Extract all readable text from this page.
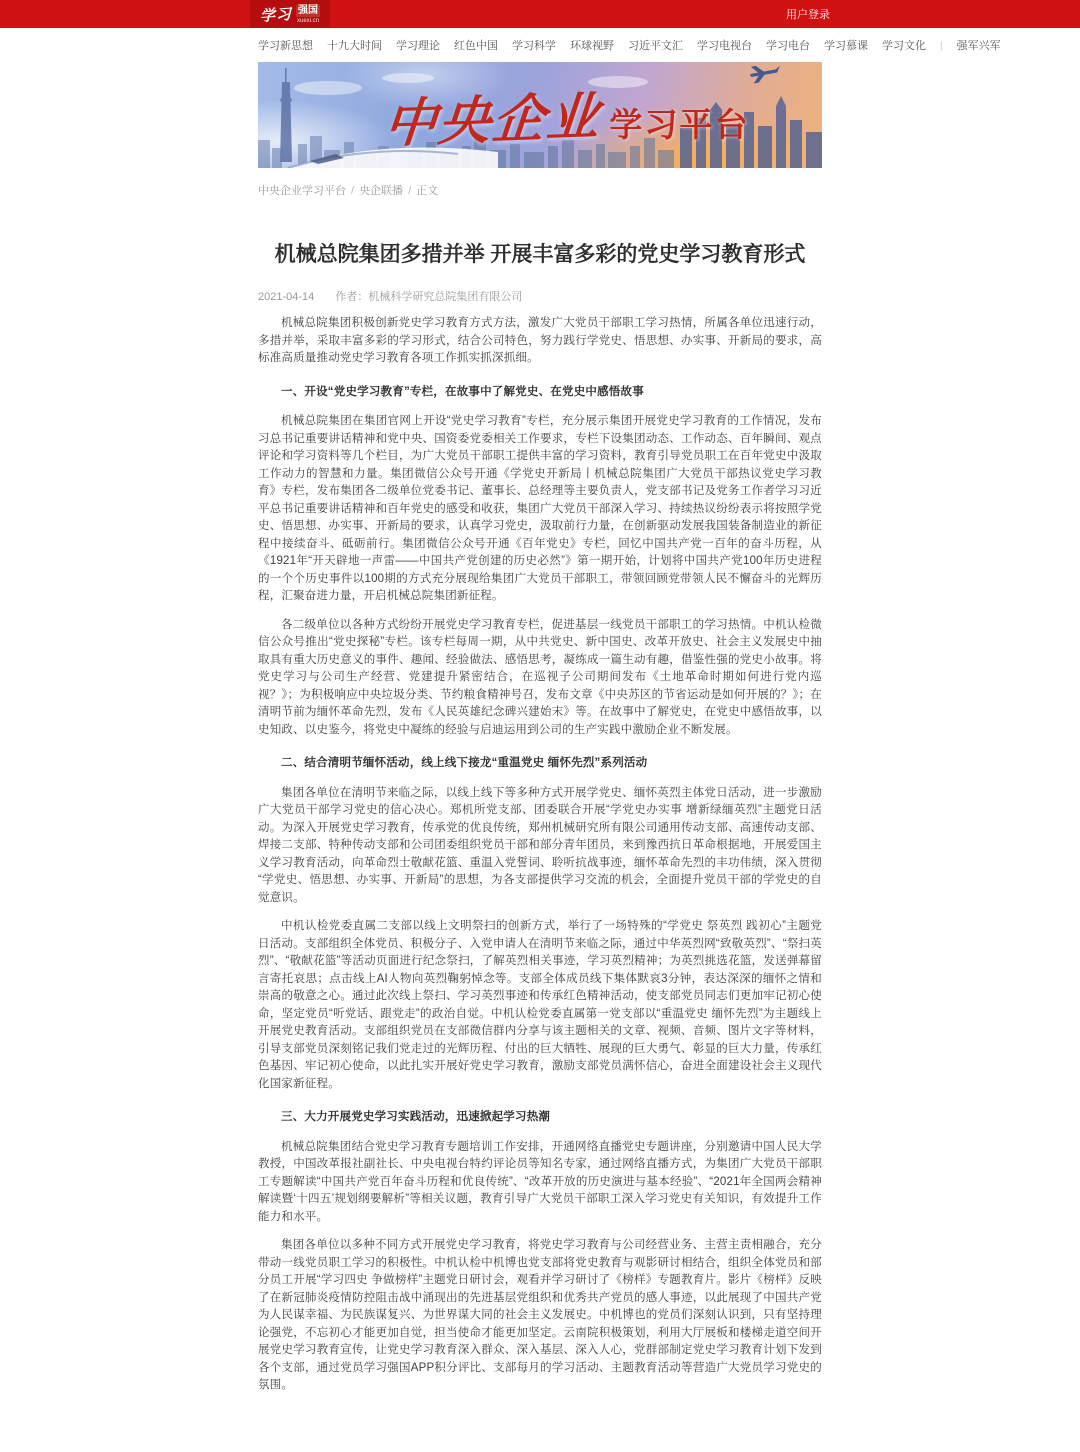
学习 强国
xuexi.cn	用户登录
学习新思想 十九大时间 学习理论 红色中国 学习科学 环球视野 习近平文汇 学习电视台 学习电台 学习慕课 学习文化 | 强军兴军
中央企业 学习平台
中央企业学习平台 / 央企联播 / 正文
机械总院集团多措并举 开展丰富多彩的党史学习教育形式
2021-04-14 作者：机械科学研究总院集团有限公司

机械总院集团积极创新党史学习教育方式方法，激发广大党员干部职工学习热情，所属各单位迅速行动，多措并举，采取丰富多彩的学习形式，结合公司特色，努力践行学党史、悟思想、办实事、开新局的要求，高标准高质量推动党史学习教育各项工作抓实抓深抓细。

一、开设“党史学习教育”专栏，在故事中了解党史、在党史中感悟故事

机械总院集团在集团官网上开设“党史学习教育”专栏，充分展示集团开展党史学习教育的工作情况，发布习总书记重要讲话精神和党中央、国资委党委相关工作要求，专栏下设集团动态、工作动态、百年瞬间、观点评论和学习资料等几个栏目，为广大党员干部职工提供丰富的学习资料，教育引导党员职工在百年党史中汲取工作动力的智慧和力量。集团微信公众号开通《学党史开新局丨机械总院集团广大党员干部热议党史学习教育》专栏，发布集团各二级单位党委书记、董事长、总经理等主要负责人，党支部书记及党务工作者学习习近平总书记重要讲话精神和百年党史的感受和收获，集团广大党员干部深入学习、持续热议纷纷表示将按照学党史、悟思想、办实事、开新局的要求，认真学习党史，汲取前行力量，在创新驱动发展我国装备制造业的新征程中接续奋斗、砥砺前行。集团微信公众号开通《百年党史》专栏，回忆中国共产党一百年的奋斗历程，从《1921年“开天辟地一声雷——中国共产党创建的历史必然”》第一期开始，计划将中国共产党100年历史进程的一个个历史事件以100期的方式充分展现给集团广大党员干部职工，带领回顾党带领人民不懈奋斗的光辉历程，汇聚奋进力量，开启机械总院集团新征程。

各二级单位以各种方式纷纷开展党史学习教育专栏，促进基层一线党员干部职工的学习热情。中机认检微信公众号推出“党史探秘”专栏。该专栏每周一期，从中共党史、新中国史、改革开放史、社会主义发展史中抽取具有重大历史意义的事件、趣闻、经验做法、感悟思考，凝练成一篇生动有趣，借鉴性强的党史小故事。将党史学习与公司生产经营、党建提升紧密结合，在巡视子公司期间发布《土地革命时期如何进行党内巡视？》；为积极响应中央垃圾分类、节约粮食精神号召，发布文章《中央苏区的节省运动是如何开展的？》；在清明节前为缅怀革命先烈，发布《人民英雄纪念碑兴建始末》等。在故事中了解党史，在党史中感悟故事，以史知政、以史鉴今，将党史中凝练的经验与启迪运用到公司的生产实践中激励企业不断发展。

二、结合清明节缅怀活动，线上线下接龙“重温党史 缅怀先烈”系列活动

集团各单位在清明节来临之际，以线上线下等多种方式开展学党史、缅怀英烈主体党日活动，进一步激励广大党员干部学习党史的信心决心。郑机所党支部、团委联合开展“学党史办实事 增新绿缅英烈”主题党日活动。为深入开展党史学习教育，传承党的优良传统，郑州机械研究所有限公司通用传动支部、高速传动支部、焊接二支部、特种传动支部和公司团委组织党员干部和部分青年团员，来到豫西抗日革命根据地，开展爱国主义学习教育活动，向革命烈士敬献花篮、重温入党誓词、聆听抗战事迹，缅怀革命先烈的丰功伟绩，深入贯彻“学党史、悟思想、办实事、开新局”的思想，为各支部提供学习交流的机会，全面提升党员干部的学党史的自觉意识。

中机认检党委直属二支部以线上文明祭扫的创新方式，举行了一场特殊的“学党史 祭英烈 践初心”主题党日活动。支部组织全体党员、积极分子、入党申请人在清明节来临之际，通过中华英烈网“致敬英烈”、“祭扫英烈”、“敬献花篮”等活动页面进行纪念祭扫，了解英烈相关事迹，学习英烈精神；为英烈挑选花篮，发送弹幕留言寄托哀思；点击线上AI人物向英烈鞠躬悼念等。支部全体成员线下集体默哀3分钟，表达深深的缅怀之情和崇高的敬意之心。通过此次线上祭扫、学习英烈事迹和传承红色精神活动，使支部党员同志们更加牢记初心使命，坚定党员“听党话、跟党走”的政治自觉。中机认检党委直属第一党支部以“重温党史 缅怀先烈”为主题线上开展党史教育活动。支部组织党员在支部微信群内分享与该主题相关的文章、视频、音频、图片文字等材料，引导支部党员深刻铭记我们党走过的光辉历程、付出的巨大牺牲、展现的巨大勇气、彰显的巨大力量，传承红色基因、牢记初心使命，以此扎实开展好党史学习教育，激励支部党员满怀信心，奋进全面建设社会主义现代化国家新征程。

三、大力开展党史学习实践活动，迅速掀起学习热潮

机械总院集团结合党史学习教育专题培训工作安排，开通网络直播党史专题讲座，分别邀请中国人民大学教授，中国改革报社副社长、中央电视台特约评论员等知名专家，通过网络直播方式，为集团广大党员干部职工专题解读“中国共产党百年奋斗历程和优良传统”、“改革开放的历史演进与基本经验”、“2021年全国两会精神解读暨‘十四五’规划纲要解析”等相关议题，教育引导广大党员干部职工深入学习党史有关知识，有效提升工作能力和水平。

集团各单位以多种不同方式开展党史学习教育，将党史学习教育与公司经营业务、主营主责相融合，充分带动一线党员职工学习的积极性。中机认检中机博也党支部将党史教育与观影研讨相结合，组织全体党员和部分员工开展“学习四史 争做榜样”主题党日研讨会，观看并学习研讨了《榜样》专题教育片。影片《榜样》反映了在新冠肺炎疫情防控阻击战中涌现出的先进基层党组织和优秀共产党员的感人事迹，以此展现了中国共产党为人民谋幸福、为民族谋复兴、为世界谋大同的社会主义发展史。中机博也的党员们深刻认识到，只有坚持理论强党，不忘初心才能更加自觉，担当使命才能更加坚定。云南院积极策划，利用大厅展板和楼梯走道空间开展党史学习教育宣传，让党史学习教育深入群众、深入基层、深入人心，党群部制定党史学习教育计划下发到各个支部，通过党员学习强国APP积分评比、支部每月的学习活动、主题教育活动等营造广大党员学习党史的氛围。
